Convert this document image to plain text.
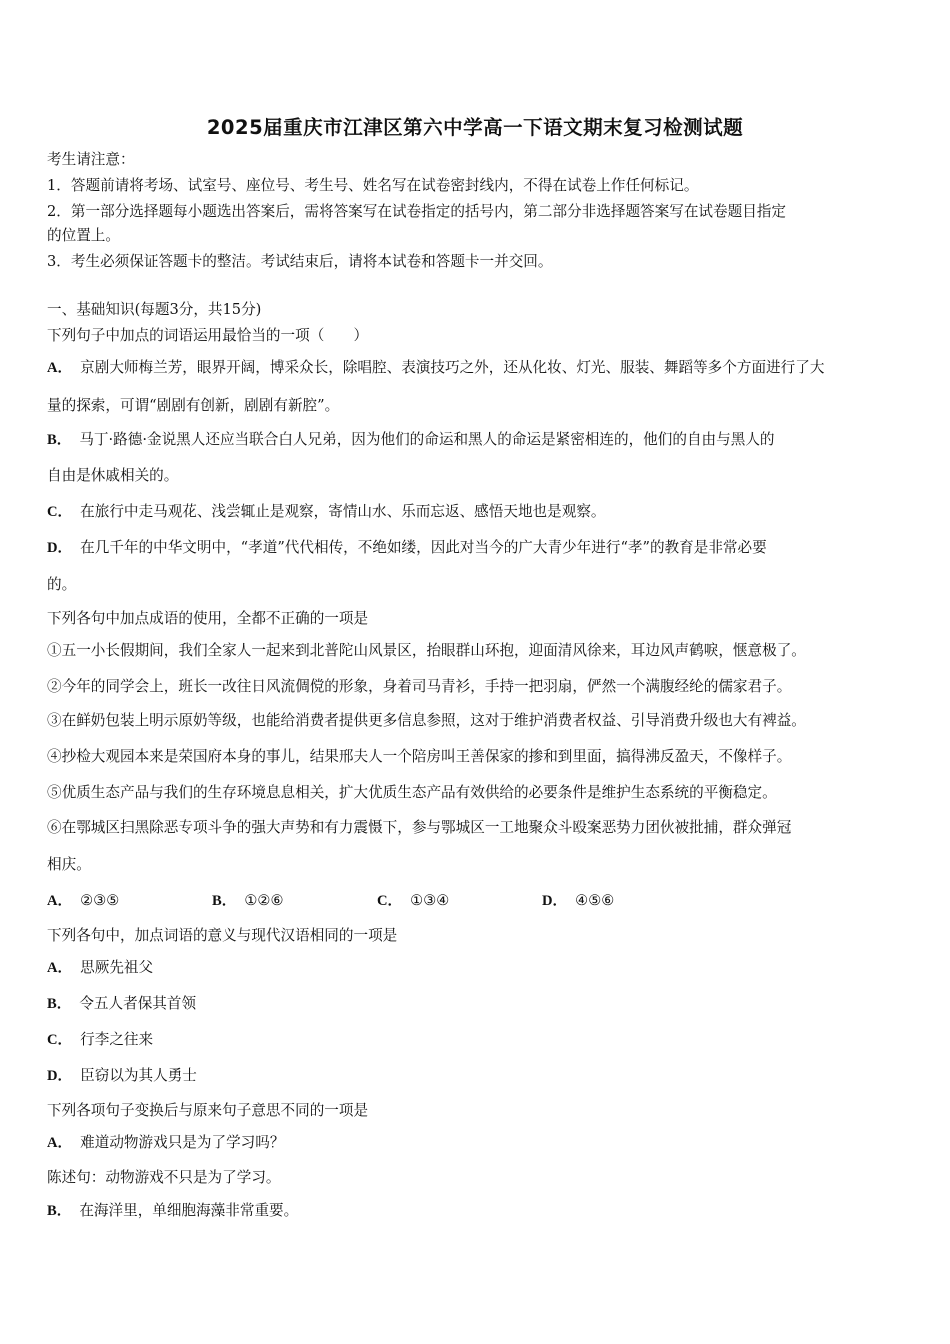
2025届重庆市江津区第六中学高一下语文期末复习检测试题
考生请注意：
1．答题前请将考场、试室号、座位号、考生号、姓名写在试卷密封线内，不得在试卷上作任何标记。
2．第一部分选择题每小题选出答案后，需将答案写在试卷指定的括号内，第二部分非选择题答案写在试卷题目指定
的位置上。
3．考生必须保证答题卡的整洁。考试结束后，请将本试卷和答题卡一并交回。
一、基础知识(每题3分，共15分)
下列句子中加点的词语运用最恰当的一项（　　）
A． 京剧大师梅兰芳，眼界开阔，博采众长，除唱腔、表演技巧之外，还从化妆、灯光、服装、舞蹈等多个方面进行了大
量的探索，可谓“剧剧有创新，剧剧有新腔”。
B． 马丁·路德·金说黑人还应当联合白人兄弟，因为他们的命运和黑人的命运是紧密相连的，他们的自由与黑人的
自由是休戚相关的。
C． 在旅行中走马观花、浅尝辄止是观察，寄情山水、乐而忘返、感悟天地也是观察。
D． 在几千年的中华文明中，“孝道”代代相传，不绝如缕，因此对当今的广大青少年进行“孝”的教育是非常必要
的。
下列各句中加点成语的使用，全都不正确的一项是
①五一小长假期间，我们全家人一起来到北普陀山风景区，抬眼群山环抱，迎面清风徐来，耳边风声鹤唳，惬意极了。
②今年的同学会上，班长一改往日风流倜傥的形象，身着司马青衫，手持一把羽扇，俨然一个满腹经纶的儒家君子。
③在鲜奶包装上明示原奶等级，也能给消费者提供更多信息参照，这对于维护消费者权益、引导消费升级也大有裨益。
④抄检大观园本来是荣国府本身的事儿，结果邢夫人一个陪房叫王善保家的掺和到里面，搞得沸反盈天，不像样子。
⑤优质生态产品与我们的生存环境息息相关，扩大优质生态产品有效供给的必要条件是维护生态系统的平衡稳定。
⑥在鄂城区扫黑除恶专项斗争的强大声势和有力震慑下，参与鄂城区一工地聚众斗殴案恶势力团伙被批捕，群众弹冠
相庆。
A． ②③⑤	B． ①②⑥	C． ①③④	D． ④⑤⑥
下列各句中，加点词语的意义与现代汉语相同的一项是
A． 思厥先祖父
B． 令五人者保其首领
C． 行李之往来
D． 臣窃以为其人勇士
下列各项句子变换后与原来句子意思不同的一项是
A． 难道动物游戏只是为了学习吗？
陈述句：动物游戏不只是为了学习。
B． 在海洋里，单细胞海藻非常重要。
